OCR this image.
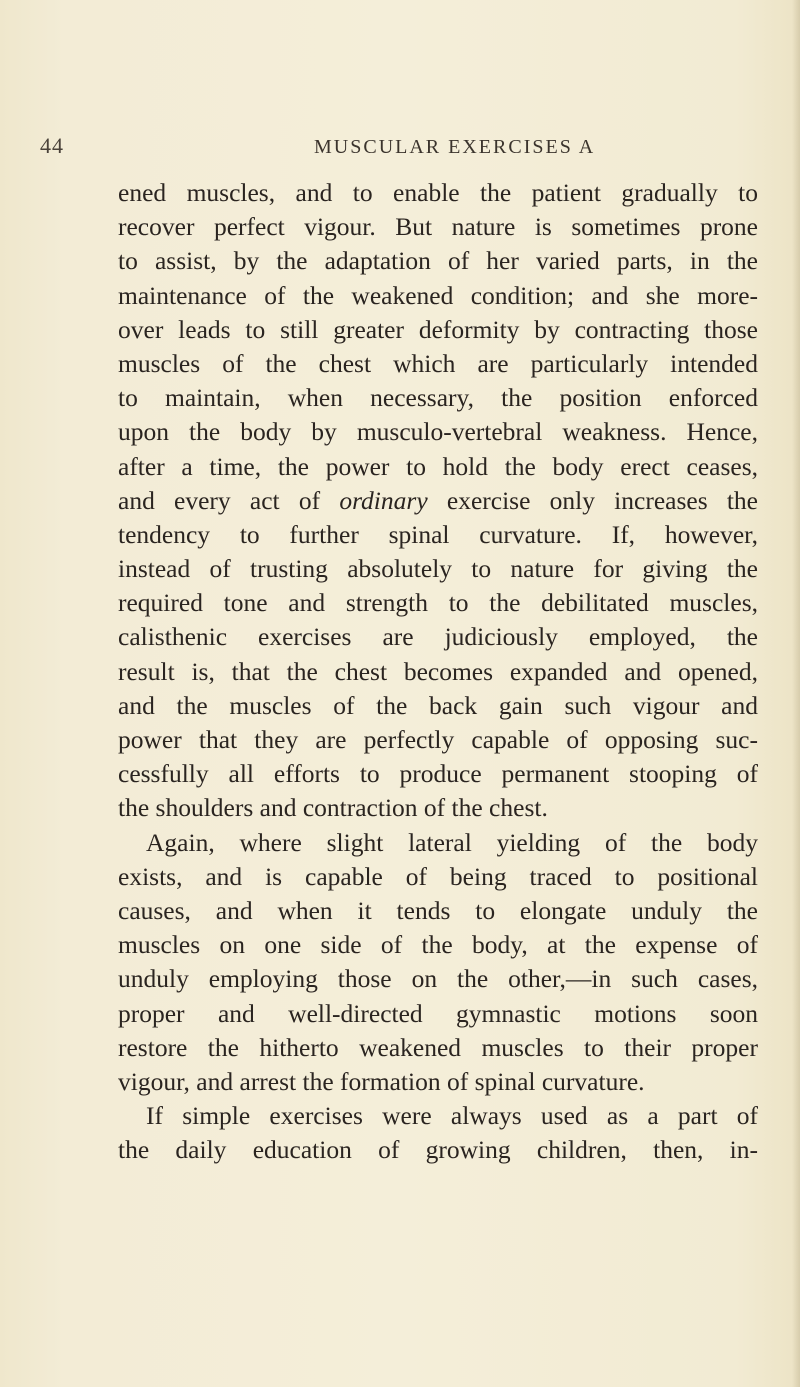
44	MUSCULAR EXERCISES A
ened muscles, and to enable the patient gradually to
recover perfect vigour. But nature is sometimes prone
to assist, by the adaptation of her varied parts, in the
maintenance of the weakened condition; and she more-
over leads to still greater deformity by contracting those
muscles of the chest which are particularly intended
to maintain, when necessary, the position enforced
upon the body by musculo-vertebral weakness. Hence,
after a time, the power to hold the body erect ceases,
and every act of ordinary exercise only increases the
tendency to further spinal curvature. If, however,
instead of trusting absolutely to nature for giving the
required tone and strength to the debilitated muscles,
calisthenic exercises are judiciously employed, the
result is, that the chest becomes expanded and opened,
and the muscles of the back gain such vigour and
power that they are perfectly capable of opposing suc-
cessfully all efforts to produce permanent stooping of
the shoulders and contraction of the chest.
Again, where slight lateral yielding of the body
exists, and is capable of being traced to positional
causes, and when it tends to elongate unduly the
muscles on one side of the body, at the expense of
unduly employing those on the other,—in such cases,
proper and well-directed gymnastic motions soon
restore the hitherto weakened muscles to their proper
vigour, and arrest the formation of spinal curvature.
If simple exercises were always used as a part of
the daily education of growing children, then, in-
